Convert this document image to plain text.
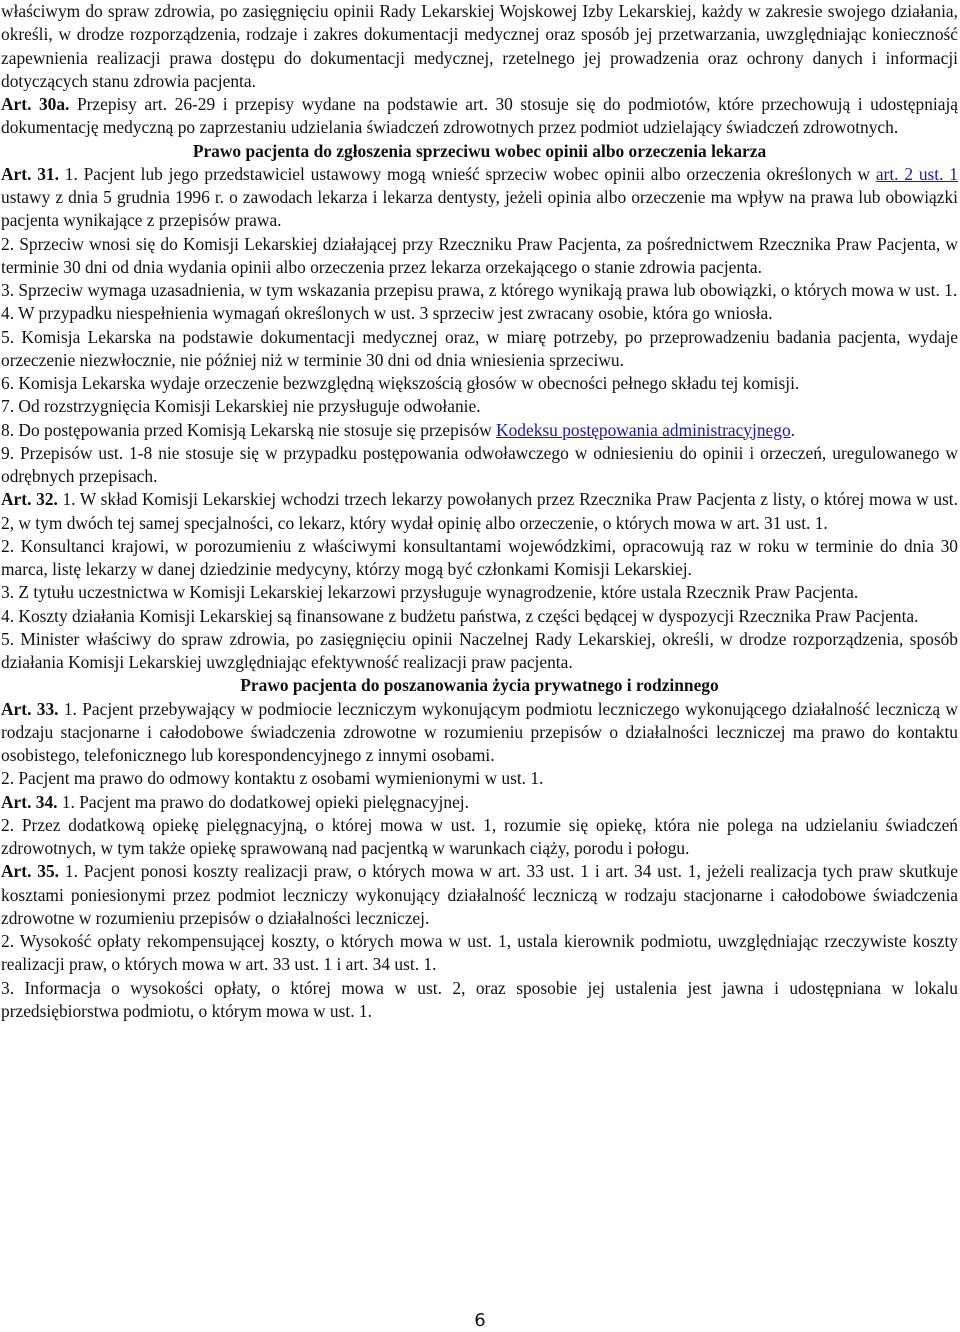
właściwym do spraw zdrowia, po zasięgnięciu opinii Rady Lekarskiej Wojskowej Izby Lekarskiej, każdy w zakresie swojego działania, określi, w drodze rozporządzenia, rodzaje i zakres dokumentacji medycznej oraz sposób jej przetwarzania, uwzględniając konieczność zapewnienia realizacji prawa dostępu do dokumentacji medycznej, rzetelnego jej prowadzenia oraz ochrony danych i informacji dotyczących stanu zdrowia pacjenta.

Art. 30a. Przepisy art. 26-29 i przepisy wydane na podstawie art. 30 stosuje się do podmiotów, które przechowują i udostępniają dokumentację medyczną po zaprzestaniu udzielania świadczeń zdrowotnych przez podmiot udzielający świadczeń zdrowotnych.

Prawo pacjenta do zgłoszenia sprzeciwu wobec opinii albo orzeczenia lekarza

Art. 31. 1. Pacjent lub jego przedstawiciel ustawowy mogą wnieść sprzeciw wobec opinii albo orzeczenia określonych w art. 2 ust. 1 ustawy z dnia 5 grudnia 1996 r. o zawodach lekarza i lekarza dentysty, jeżeli opinia albo orzeczenie ma wpływ na prawa lub obowiązki pacjenta wynikające z przepisów prawa.

2. Sprzeciw wnosi się do Komisji Lekarskiej działającej przy Rzeczniku Praw Pacjenta, za pośrednictwem Rzecznika Praw Pacjenta, w terminie 30 dni od dnia wydania opinii albo orzeczenia przez lekarza orzekającego o stanie zdrowia pacjenta.

3. Sprzeciw wymaga uzasadnienia, w tym wskazania przepisu prawa, z którego wynikają prawa lub obowiązki, o których mowa w ust. 1.

4. W przypadku niespełnienia wymagań określonych w ust. 3 sprzeciw jest zwracany osobie, która go wniosła.

5. Komisja Lekarska na podstawie dokumentacji medycznej oraz, w miarę potrzeby, po przeprowadzeniu badania pacjenta, wydaje orzeczenie niezwłocznie, nie później niż w terminie 30 dni od dnia wniesienia sprzeciwu.

6. Komisja Lekarska wydaje orzeczenie bezwzględną większością głosów w obecności pełnego składu tej komisji.

7. Od rozstrzygnięcia Komisji Lekarskiej nie przysługuje odwołanie.

8. Do postępowania przed Komisją Lekarską nie stosuje się przepisów Kodeksu postępowania administracyjnego.

9. Przepisów ust. 1-8 nie stosuje się w przypadku postępowania odwoławczego w odniesieniu do opinii i orzeczeń, uregulowanego w odrębnych przepisach.

Art. 32. 1. W skład Komisji Lekarskiej wchodzi trzech lekarzy powołanych przez Rzecznika Praw Pacjenta z listy, o której mowa w ust. 2, w tym dwóch tej samej specjalności, co lekarz, który wydał opinię albo orzeczenie, o których mowa w art. 31 ust. 1.

2. Konsultanci krajowi, w porozumieniu z właściwymi konsultantami wojewódzkimi, opracowują raz w roku w terminie do dnia 30 marca, listę lekarzy w danej dziedzinie medycyny, którzy mogą być członkami Komisji Lekarskiej.

3. Z tytułu uczestnictwa w Komisji Lekarskiej lekarzowi przysługuje wynagrodzenie, które ustala Rzecznik Praw Pacjenta.

4. Koszty działania Komisji Lekarskiej są finansowane z budżetu państwa, z części będącej w dyspozycji Rzecznika Praw Pacjenta.

5. Minister właściwy do spraw zdrowia, po zasięgnięciu opinii Naczelnej Rady Lekarskiej, określi, w drodze rozporządzenia, sposób działania Komisji Lekarskiej uwzględniając efektywność realizacji praw pacjenta.

Prawo pacjenta do poszanowania życia prywatnego i rodzinnego

Art. 33. 1. Pacjent przebywający w podmiocie leczniczym wykonującym podmiotu leczniczego wykonującego działalność leczniczą w rodzaju stacjonarne i całodobowe świadczenia zdrowotne w rozumieniu przepisów o działalności leczniczej ma prawo do kontaktu osobistego, telefonicznego lub korespondencyjnego z innymi osobami.

2. Pacjent ma prawo do odmowy kontaktu z osobami wymienionymi w ust. 1.

Art. 34. 1. Pacjent ma prawo do dodatkowej opieki pielęgnacyjnej.

2. Przez dodatkową opiekę pielęgnacyjną, o której mowa w ust. 1, rozumie się opiekę, która nie polega na udzielaniu świadczeń zdrowotnych, w tym także opiekę sprawowaną nad pacjentką w warunkach ciąży, porodu i połogu.

Art. 35. 1. Pacjent ponosi koszty realizacji praw, o których mowa w art. 33 ust. 1 i art. 34 ust. 1, jeżeli realizacja tych praw skutkuje kosztami poniesionymi przez podmiot leczniczy wykonujący działalność leczniczą w rodzaju stacjonarne i całodobowe świadczenia zdrowotne w rozumieniu przepisów o działalności leczniczej.

2. Wysokość opłaty rekompensującej koszty, o których mowa w ust. 1, ustala kierownik podmiotu, uwzględniając rzeczywiste koszty realizacji praw, o których mowa w art. 33 ust. 1 i art. 34 ust. 1.

3. Informacja o wysokości opłaty, o której mowa w ust. 2, oraz sposobie jej ustalenia jest jawna i udostępniana w lokalu przedsiębiorstwa podmiotu, o którym mowa w ust. 1.

6
